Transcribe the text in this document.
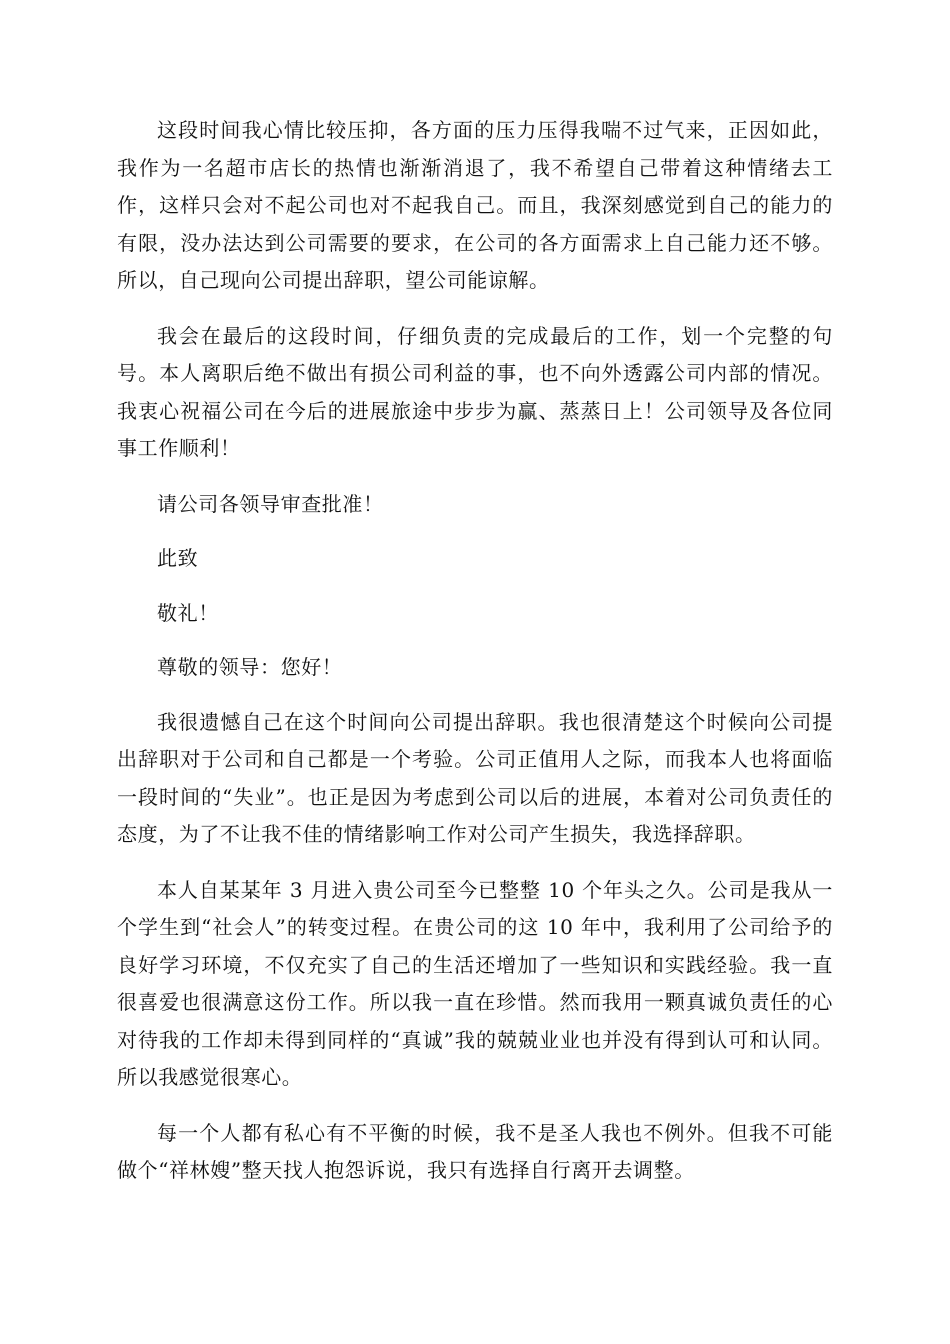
这段时间我心情比较压抑，各方面的压力压得我喘不过气来，正因如此，我作为一名超市店长的热情也渐渐消退了，我不希望自己带着这种情绪去工作，这样只会对不起公司也对不起我自己。而且，我深刻感觉到自己的能力的有限，没办法达到公司需要的要求，在公司的各方面需求上自己能力还不够。所以，自己现向公司提出辞职，望公司能谅解。

我会在最后的这段时间，仔细负责的完成最后的工作，划一个完整的句号。本人离职后绝不做出有损公司利益的事，也不向外透露公司内部的情况。我衷心祝福公司在今后的进展旅途中步步为赢、蒸蒸日上！公司领导及各位同事工作顺利！

请公司各领导审查批准！

此致

敬礼！

尊敬的领导：您好！

我很遗憾自己在这个时间向公司提出辞职。我也很清楚这个时候向公司提出辞职对于公司和自己都是一个考验。公司正值用人之际，而我本人也将面临一段时间的“失业”。也正是因为考虑到公司以后的进展，本着对公司负责任的态度，为了不让我不佳的情绪影响工作对公司产生损失，我选择辞职。

本人自某某年 3 月进入贵公司至今已整整 10 个年头之久。公司是我从一个学生到“社会人”的转变过程。在贵公司的这 10 年中，我利用了公司给予的良好学习环境，不仅充实了自己的生活还增加了一些知识和实践经验。我一直很喜爱也很满意这份工作。所以我一直在珍惜。然而我用一颗真诚负责任的心对待我的工作却未得到同样的“真诚”我的兢兢业业也并没有得到认可和认同。所以我感觉很寒心。

每一个人都有私心有不平衡的时候，我不是圣人我也不例外。但我不可能做个“祥林嫂”整天找人抱怨诉说，我只有选择自行离开去调整。
